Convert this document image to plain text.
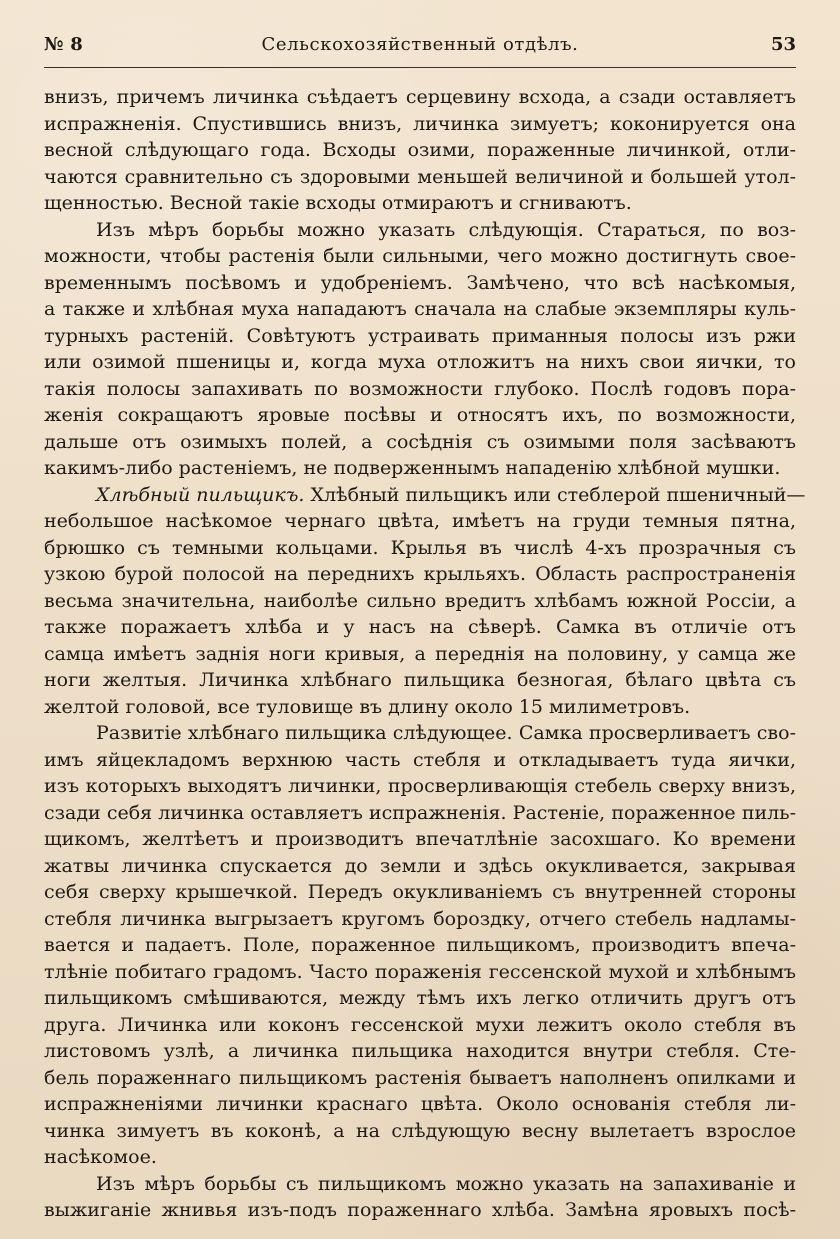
№ 8	Сельскохозяйственный отдѣлъ.	53
внизъ, причемъ личинка съѣдаетъ серцевину всхода, а сзади оставляетъ
испражненія. Спустившись внизъ, личинка зимуетъ; коконируется она
весной слѣдующаго года. Всходы озими, пораженные личинкой, отли-
чаются сравнительно съ здоровыми меньшей величиной и большей утол-
щенностью. Весной такіе всходы отмираютъ и сгниваютъ.
Изъ мѣръ борьбы можно указать слѣдующія. Стараться, по воз-
можности, чтобы растенія были сильными, чего можно достигнуть свое-
временнымъ посѣвомъ и удобреніемъ. Замѣчено, что всѣ насѣкомыя,
а также и хлѣбная муха нападаютъ сначала на слабые экземпляры куль-
турныхъ растеній. Совѣтуютъ устраивать приманныя полосы изъ ржи
или озимой пшеницы и, когда муха отложитъ на нихъ свои яички, то
такія полосы запахивать по возможности глубоко. Послѣ годовъ пора-
женія сокращаютъ яровые посѣвы и относятъ ихъ, по возможности,
дальше отъ озимыхъ полей, а сосѣднія съ озимыми поля засѣваютъ
какимъ-либо растеніемъ, не подверженнымъ нападенію хлѣбной мушки.
Хлѣбный пильщикъ. Хлѣбный пильщикъ или стеблерой пшеничный—
небольшое насѣкомое чернаго цвѣта, имѣетъ на груди темныя пятна,
брюшко съ темными кольцами. Крылья въ числѣ 4-хъ прозрачныя съ
узкою бурой полосой на переднихъ крыльяхъ. Область распространенія
весьма значительна, наиболѣе сильно вредитъ хлѣбамъ южной Россіи, а
также поражаетъ хлѣба и у насъ на сѣверѣ. Самка въ отличіе отъ
самца имѣетъ заднія ноги кривыя, а переднія на половину, у самца же
ноги желтыя. Личинка хлѣбнаго пильщика безногая, бѣлаго цвѣта съ
желтой головой, все туловище въ длину около 15 милиметровъ.
Развитіе хлѣбнаго пильщика слѣдующее. Самка просверливаетъ сво-
имъ яйцекладомъ верхнюю часть стебля и откладываетъ туда яички,
изъ которыхъ выходятъ личинки, просверливающія стебель сверху внизъ,
сзади себя личинка оставляетъ испражненія. Растеніе, пораженное пиль-
щикомъ, желтѣетъ и производитъ впечатлѣніе засохшаго. Ко времени
жатвы личинка спускается до земли и здѣсь окукливается, закрывая
себя сверху крышечкой. Передъ окукливаніемъ съ внутренней стороны
стебля личинка выгрызаетъ кругомъ бороздку, отчего стебель надламы-
вается и падаетъ. Поле, пораженное пильщикомъ, производитъ впеча-
тлѣніе побитаго градомъ. Часто пораженія гессенской мухой и хлѣбнымъ
пильщикомъ смѣшиваются, между тѣмъ ихъ легко отличить другъ отъ
друга. Личинка или коконъ гессенской мухи лежитъ около стебля въ
листовомъ узлѣ, а личинка пильщика находится внутри стебля. Сте-
бель пораженнаго пильщикомъ растенія бываетъ наполненъ опилками и
испражненіями личинки краснаго цвѣта. Около основанія стебля ли-
чинка зимуетъ въ коконѣ, а на слѣдующую весну вылетаетъ взрослое
насѣкомое.
Изъ мѣръ борьбы съ пильщикомъ можно указать на запахиваніе и
выжиганіе жнивья изъ-подъ пораженнаго хлѣба. Замѣна яровыхъ посѣ-
